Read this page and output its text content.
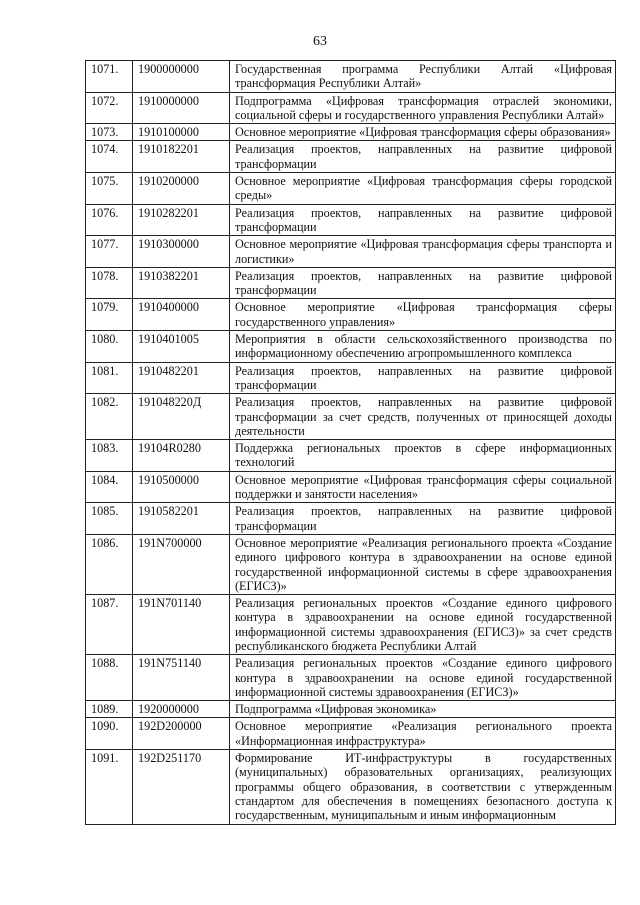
63
1071.	1900000000	Государственная программа Республики Алтай «Цифровая трансформация Республики Алтай»
1072.	1910000000	Подпрограмма «Цифровая трансформация отраслей экономики, социальной сферы и государственного управления Республики Алтай»
1073.	1910100000	Основное мероприятие «Цифровая трансформация сферы образования»
1074.	1910182201	Реализация проектов, направленных на развитие цифровой трансформации
1075.	1910200000	Основное мероприятие «Цифровая трансформация сферы городской среды»
1076.	1910282201	Реализация проектов, направленных на развитие цифровой трансформации
1077.	1910300000	Основное мероприятие «Цифровая трансформация сферы транспорта и логистики»
1078.	1910382201	Реализация проектов, направленных на развитие цифровой трансформации
1079.	1910400000	Основное мероприятие «Цифровая трансформация сферы государственного управления»
1080.	1910401005	Мероприятия в области сельскохозяйственного производства по информационному обеспечению агропромышленного комплекса
1081.	1910482201	Реализация проектов, направленных на развитие цифровой трансформации
1082.	191048220Д	Реализация проектов, направленных на развитие цифровой трансформации за счет средств, полученных от приносящей доходы деятельности
1083.	19104R0280	Поддержка региональных проектов в сфере информационных технологий
1084.	1910500000	Основное мероприятие «Цифровая трансформация сферы социальной поддержки и занятости населения»
1085.	1910582201	Реализация проектов, направленных на развитие цифровой трансформации
1086.	191N700000	Основное мероприятие «Реализация регионального проекта «Создание единого цифрового контура в здравоохранении на основе единой государственной информационной системы в сфере здравоохранения (ЕГИСЗ)»
1087.	191N701140	Реализация региональных проектов «Создание единого цифрового контура в здравоохранении на основе единой государственной информационной системы здравоохранения (ЕГИСЗ)» за счет средств республиканского бюджета Республики Алтай
1088.	191N751140	Реализация региональных проектов «Создание единого цифрового контура в здравоохранении на основе единой государственной информационной системы здравоохранения (ЕГИСЗ)»
1089.	1920000000	Подпрограмма «Цифровая экономика»
1090.	192D200000	Основное мероприятие «Реализация регионального проекта «Информационная инфраструктура»
1091.	192D251170	Формирование ИТ-инфраструктуры в государственных (муниципальных) образовательных организациях, реализующих программы общего образования, в соответствии с утвержденным стандартом для обеспечения в помещениях безопасного доступа к государственным, муниципальным и иным информационным
